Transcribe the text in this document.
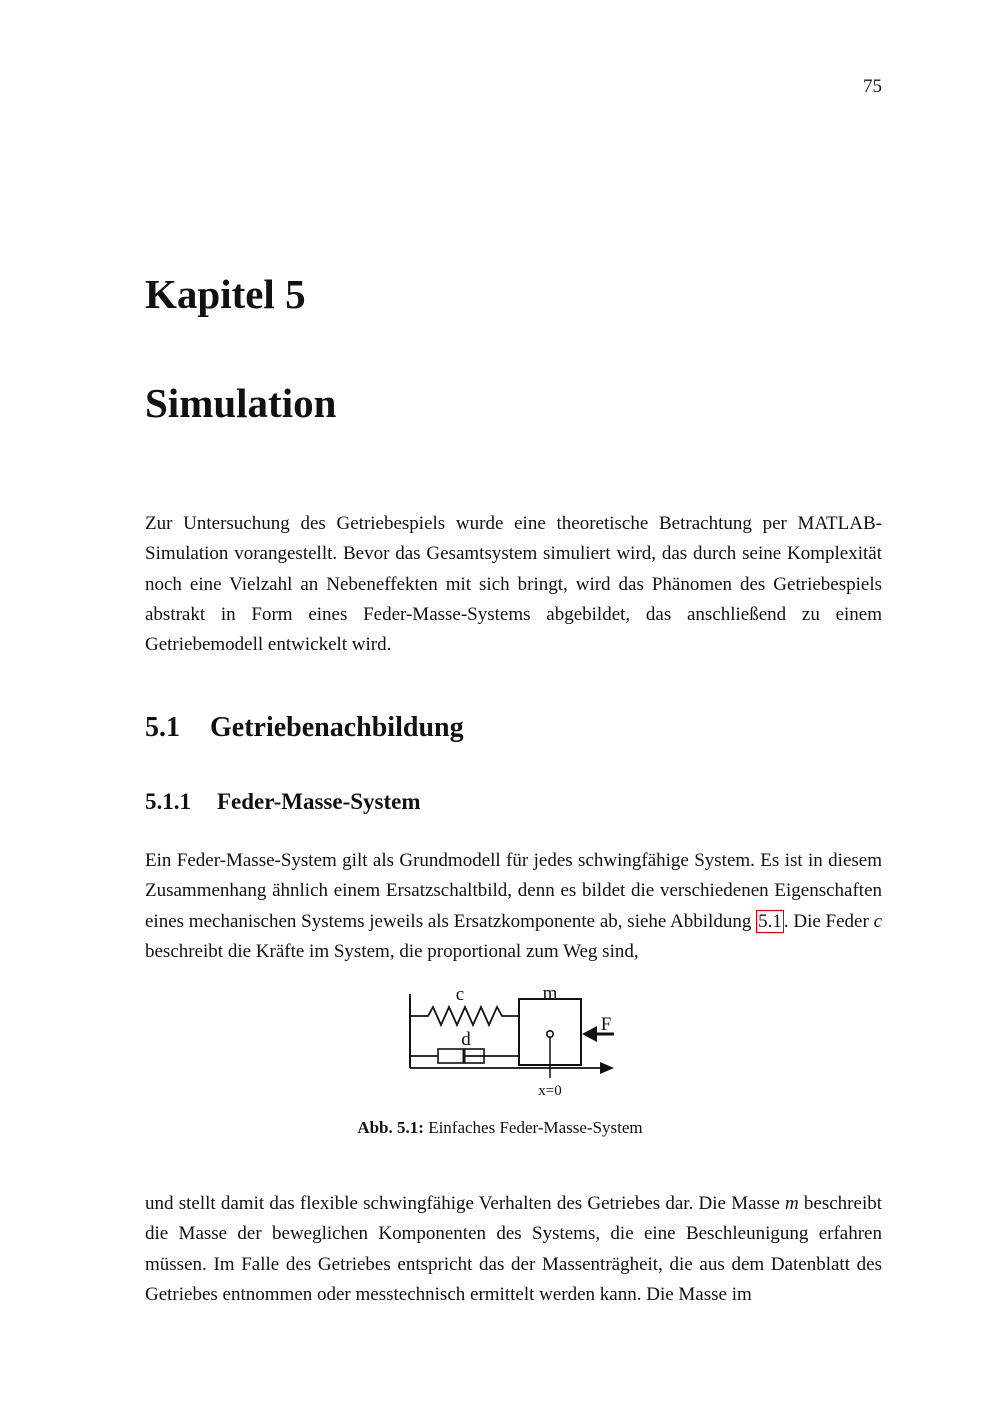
75
Kapitel 5
Simulation

Zur Untersuchung des Getriebespiels wurde eine theoretische Betrachtung per MATLAB-Simulation vorangestellt. Bevor das Gesamtsystem simuliert wird, das durch seine Komplexität noch eine Vielzahl an Nebeneffekten mit sich bringt, wird das Phänomen des Getriebespiels abstrakt in Form eines Feder-Masse-Systems abgebildet, das anschließend zu einem Getriebemodell entwickelt wird.

5.1 Getriebenachbildung
5.1.1 Feder-Masse-System

Ein Feder-Masse-System gilt als Grundmodell für jedes schwingfähige System. Es ist in diesem Zusammenhang ähnlich einem Ersatzschaltbild, denn es bildet die verschiedenen Eigenschaften eines mechanischen Systems jeweils als Ersatzkomponente ab, siehe Abbildung 5.1 . Die Feder c beschreibt die Kräfte im System, die proportional zum Weg sind,

c	m
d
F
x=0
Abb. 5.1: Einfaches Feder-Masse-System

und stellt damit das flexible schwingfähige Verhalten des Getriebes dar. Die Masse m beschreibt die Masse der beweglichen Komponenten des Systems, die eine Beschleunigung erfahren müssen. Im Falle des Getriebes entspricht das der Massenträgheit, die aus dem Datenblatt des Getriebes entnommen oder messtechnisch ermittelt werden kann. Die Masse im
